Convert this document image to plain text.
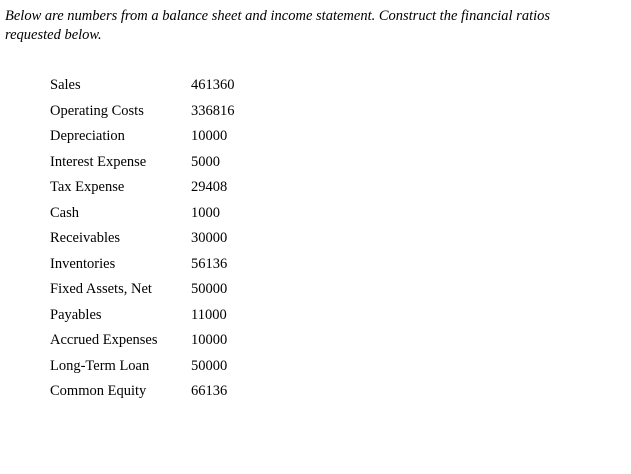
Below are numbers from a balance sheet and income statement. Construct the financial ratios
requested below.

Sales	461360
Operating Costs	336816
Depreciation	10000
Interest Expense	5000
Tax Expense	29408
Cash	1000
Receivables	30000
Inventories	56136
Fixed Assets, Net	50000
Payables	11000
Accrued Expenses	10000
Long-Term Loan	50000
Common Equity	66136
